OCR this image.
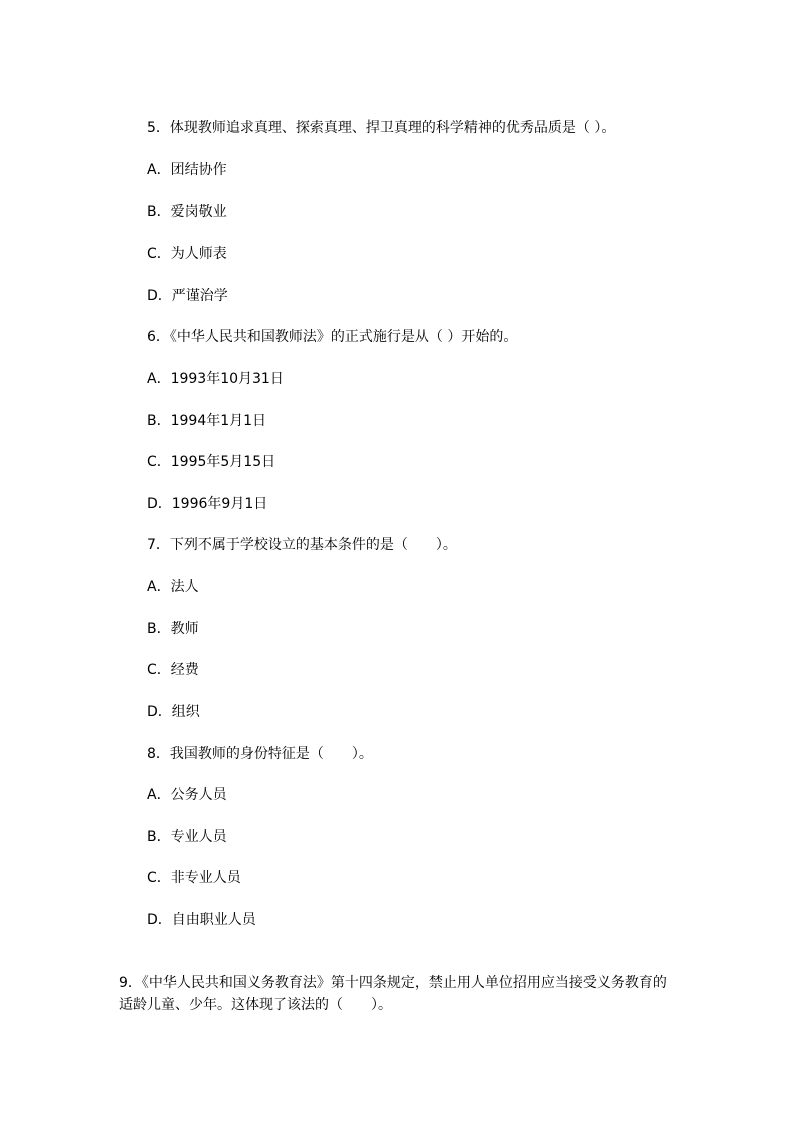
5．体现教师追求真理、探索真理、捍卫真理的科学精神的优秀品质是（ ）。
A．团结协作
B．爱岗敬业
C．为人师表
D．严谨治学
6．《中华人民共和国教师法》的正式施行是从（ ）开始的。
A．1993年10月31日
B．1994年1月1日
C．1995年5月15日
D．1996年9月1日
7．下列不属于学校设立的基本条件的是（　　）。
A．法人
B．教师
C．经费
D．组织
8．我国教师的身份特征是（　　）。
A．公务人员
B．专业人员
C．非专业人员
D．自由职业人员
9．《中华人民共和国义务教育法》第十四条规定，禁止用人单位招用应当接受义务教育的
适龄儿童、少年。这体现了该法的（　　）。
